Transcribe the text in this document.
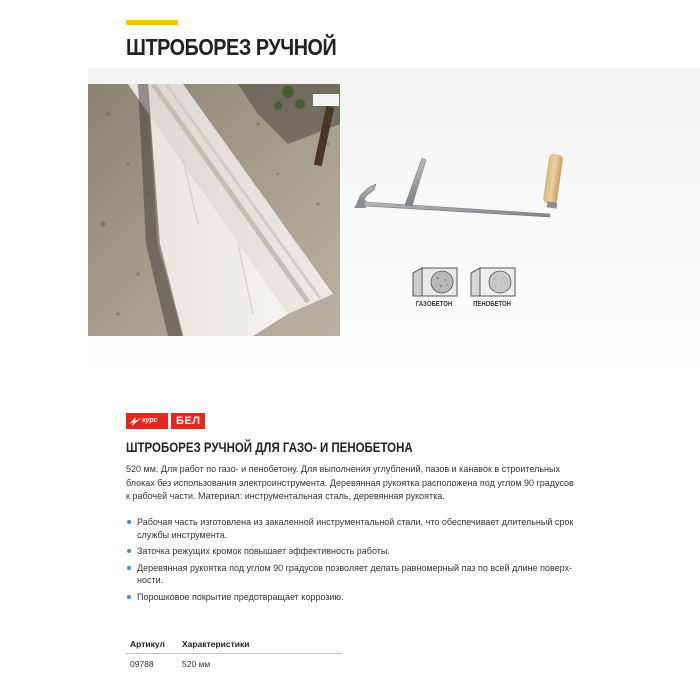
ШТРОБОРЕЗ РУЧНОЙ
ГАЗОБЕТОН	ПЕНОБЕТОН
курс	БЕЛ
ШТРОБОРЕЗ РУЧНОЙ ДЛЯ ГАЗО- И ПЕНОБЕТОНА

520 мм. Для работ по газо- и пенобетону. Для выполнения углублений, пазов и канавок в строительных блоках без использования электроинструмента. Деревянная рукоятка расположена под углом 90 градусов к рабочей части. Материал: инструментальная сталь, деревянная рукоятка.

Рабочая часть изготовлена из закаленной инструментальной стали, что обеспечивает длительный срок службы инструмента.
Заточка режущих кромок повышает эффективность работы.
Деревянная рукоятка под углом 90 градусов позволяет делать равномерный паз по всей длине поверх-ности.
Порошковое покрытие предотвращает коррозию.
Артикул	Характеристики
09788	520 мм
